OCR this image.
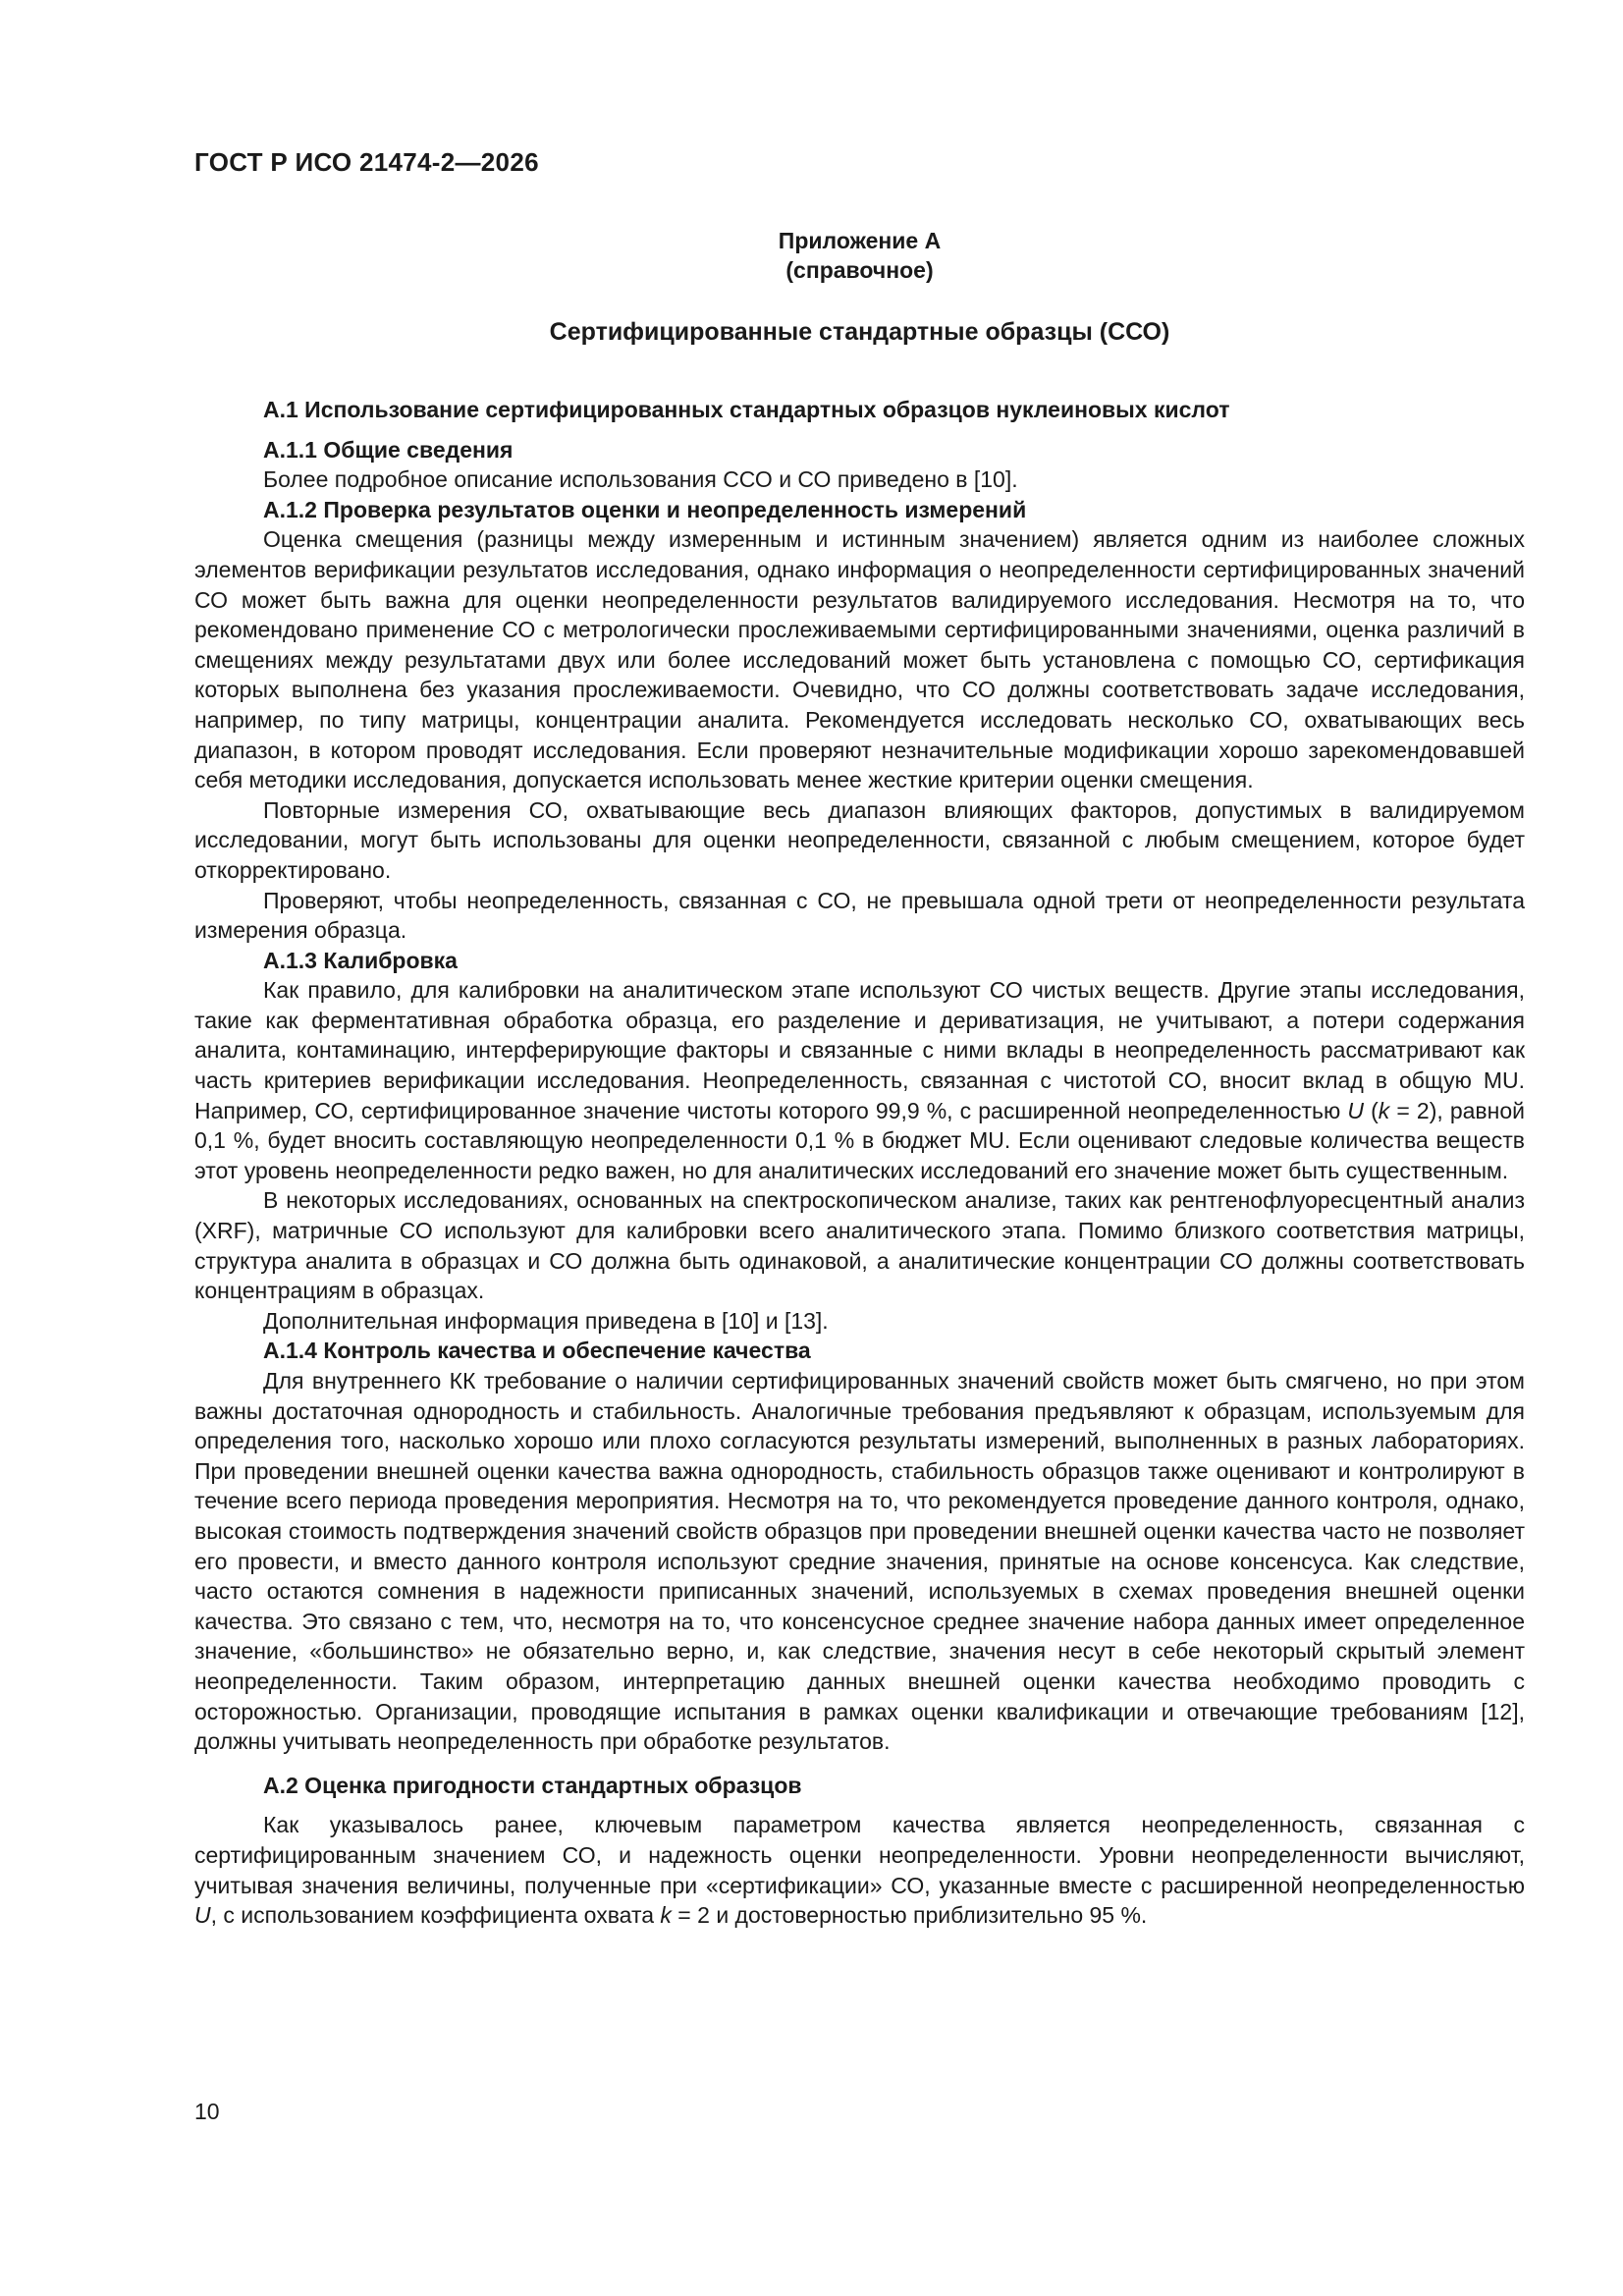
ГОСТ Р ИСО 21474-2—2026
Приложение А
(справочное)
Сертифицированные стандартные образцы (ССО)
А.1 Использование сертифицированных стандартных образцов нуклеиновых кислот
А.1.1 Общие сведения

Более подробное описание использования ССО и СО приведено в [10].

А.1.2 Проверка результатов оценки и неопределенность измерений

Оценка смещения (разницы между измеренным и истинным значением) является одним из наиболее сложных элементов верификации результатов исследования, однако информация о неопределенности сертифицированных значений СО может быть важна для оценки неопределенности результатов валидируемого исследования. Несмотря на то, что рекомендовано применение СО с метрологически прослеживаемыми сертифицированными значениями, оценка различий в смещениях между результатами двух или более исследований может быть установлена с помощью СО, сертификация которых выполнена без указания прослеживаемости. Очевидно, что СО должны соответствовать задаче исследования, например, по типу матрицы, концентрации аналита. Рекомендуется исследовать несколько СО, охватывающих весь диапазон, в котором проводят исследования. Если проверяют незначительные модификации хорошо зарекомендовавшей себя методики исследования, допускается использовать менее жесткие критерии оценки смещения.

Повторные измерения СО, охватывающие весь диапазон влияющих факторов, допустимых в валидируемом исследовании, могут быть использованы для оценки неопределенности, связанной с любым смещением, которое будет откорректировано.

Проверяют, чтобы неопределенность, связанная с СО, не превышала одной трети от неопределенности результата измерения образца.

А.1.3 Калибровка

Как правило, для калибровки на аналитическом этапе используют СО чистых веществ. Другие этапы исследования, такие как ферментативная обработка образца, его разделение и дериватизация, не учитывают, а потери содержания аналита, контаминацию, интерферирующие факторы и связанные с ними вклады в неопределенность рассматривают как часть критериев верификации исследования. Неопределенность, связанная с чистотой СО, вносит вклад в общую MU. Например, СО, сертифицированное значение чистоты которого 99,9 %, с расширенной неопределенностью U (k = 2), равной 0,1 %, будет вносить составляющую неопределенности 0,1 % в бюджет MU. Если оценивают следовые количества веществ этот уровень неопределенности редко важен, но для аналитических исследований его значение может быть существенным.

В некоторых исследованиях, основанных на спектроскопическом анализе, таких как рентгенофлуоресцентный анализ (XRF), матричные СО используют для калибровки всего аналитического этапа. Помимо близкого соответствия матрицы, структура аналита в образцах и СО должна быть одинаковой, а аналитические концентрации СО должны соответствовать концентрациям в образцах.

Дополнительная информация приведена в [10] и [13].

А.1.4 Контроль качества и обеспечение качества

Для внутреннего КК требование о наличии сертифицированных значений свойств может быть смягчено, но при этом важны достаточная однородность и стабильность. Аналогичные требования предъявляют к образцам, используемым для определения того, насколько хорошо или плохо согласуются результаты измерений, выполненных в разных лабораториях. При проведении внешней оценки качества важна однородность, стабильность образцов также оценивают и контролируют в течение всего периода проведения мероприятия. Несмотря на то, что рекомендуется проведение данного контроля, однако, высокая стоимость подтверждения значений свойств образцов при проведении внешней оценки качества часто не позволяет его провести, и вместо данного контроля используют средние значения, принятые на основе консенсуса. Как следствие, часто остаются сомнения в надежности приписанных значений, используемых в схемах проведения внешней оценки качества. Это связано с тем, что, несмотря на то, что консенсусное среднее значение набора данных имеет определенное значение, «большинство» не обязательно верно, и, как следствие, значения несут в себе некоторый скрытый элемент неопределенности. Таким образом, интерпретацию данных внешней оценки качества необходимо проводить с осторожностью. Организации, проводящие испытания в рамках оценки квалификации и отвечающие требованиям [12], должны учитывать неопределенность при обработке результатов.

А.2 Оценка пригодности стандартных образцов

Как указывалось ранее, ключевым параметром качества является неопределенность, связанная с сертифицированным значением СО, и надежность оценки неопределенности. Уровни неопределенности вычисляют, учитывая значения величины, полученные при «сертификации» СО, указанные вместе с расширенной неопределенностью U, с использованием коэффициента охвата k = 2 и достоверностью приблизительно 95 %.

10
